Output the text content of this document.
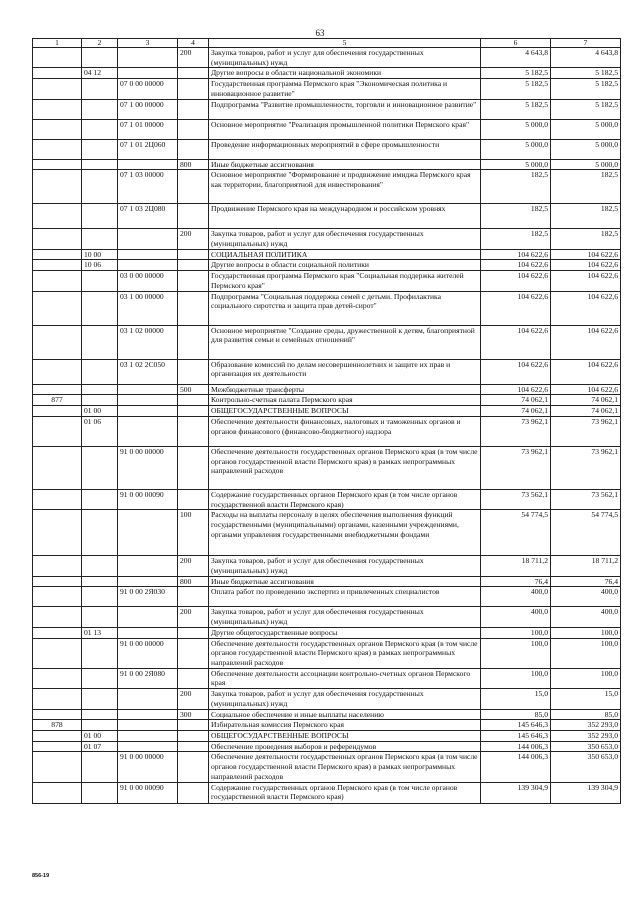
63
1	2	3	4	5	6	7
			200	Закупка товаров, работ и услуг для обеспечения государственных (муниципальных) нужд	4 643,8	4 643,8
	04 12			Другие вопросы в области национальной экономики	5 182,5	5 182,5
		07 0 00 00000		Государственная программа Пермского края "Экономическая политика и инновационное развитие"	5 182,5	5 182,5
		07 1 00 00000		Подпрограмма "Развитие промышленности, торговли и инновационное развитие"	5 182,5	5 182,5
		07 1 01 00000		Основное мероприятие "Реализация промышленной политики Пермского края"	5 000,0	5 000,0
		07 1 01 2Ц060		Проведение информационных мероприятий в сфере промышленности	5 000,0	5 000,0
			800	Иные бюджетные ассигнования	5 000,0	5 000,0
		07 1 03 00000		Основное мероприятие "Формирование и продвижение имиджа Пермского края как территории, благоприятной для инвестирования"	182,5	182,5
		07 1 03 2Ц080		Продвижение Пермского края на международном и российском уровнях	182,5	182,5
			200	Закупка товаров, работ и услуг для обеспечения государственных (муниципальных) нужд	182,5	182,5
	10 00			СОЦИАЛЬНАЯ ПОЛИТИКА	104 622,6	104 622,6
	10 06			Другие вопросы в области социальной политики	104 622,6	104 622,6
		03 0 00 00000		Государственная программа Пермского края "Социальная поддержка жителей Пермского края"	104 622,6	104 622,6
		03 1 00 00000		Подпрограмма "Социальная поддержка семей с детьми. Профилактика социального сиротства и защита прав детей-сирот"	104 622,6	104 622,6
		03 1 02 00000		Основное мероприятие "Создание среды, дружественной к детям, благоприятной для развития семьи и семейных отношений"	104 622,6	104 622,6
		03 1 02 2С050		Образование комиссий по делам несовершеннолетних и защите их прав и организация их деятельности	104 622,6	104 622,6
			500	Межбюджетные трансферты	104 622,6	104 622,6
877				Контрольно-счетная палата Пермского края	74 062,1	74 062,1
	01 00			ОБЩЕГОСУДАРСТВЕННЫЕ ВОПРОСЫ	74 062,1	74 062,1
	01 06			Обеспечение деятельности финансовых, налоговых и таможенных органов и органов финансового (финансово-бюджетного) надзора	73 962,1	73 962,1
		91 0 00 00000		Обеспечение деятельности государственных органов Пермского края (в том числе органов государственной власти Пермского края) в рамках непрограммных направлений расходов	73 962,1	73 962,1
		91 0 00 00090		Содержание государственных органов Пермского края (в том числе органов государственной власти Пермского края)	73 562,1	73 562,1
			100	Расходы на выплаты персоналу в целях обеспечения выполнения функций государственными (муниципальными) органами, казенными учреждениями, органами управления государственными внебюджетными фондами	54 774,5	54 774,5
			200	Закупка товаров, работ и услуг для обеспечения государственных (муниципальных) нужд	18 711,2	18 711,2
			800	Иные бюджетные ассигнования	76,4	76,4
		91 0 00 2Я030		Оплата работ по проведению экспертиз и привлеченных специалистов	400,0	400,0
			200	Закупка товаров, работ и услуг для обеспечения государственных (муниципальных) нужд	400,0	400,0
	01 13			Другие общегосударственные вопросы	100,0	100,0
		91 0 00 00000		Обеспечение деятельности государственных органов Пермского края (в том числе органов государственной власти Пермского края) в рамках непрограммных направлений расходов	100,0	100,0
		91 0 00 2Я080		Обеспечение деятельности ассоциации контрольно-счетных органов Пермского края	100,0	100,0
			200	Закупка товаров, работ и услуг для обеспечения государственных (муниципальных) нужд	15,0	15,0
			300	Социальное обеспечение и иные выплаты населению	85,0	85,0
878				Избирательная комиссия Пермского края	145 646,3	352 293,0
	01 00			ОБЩЕГОСУДАРСТВЕННЫЕ ВОПРОСЫ	145 646,3	352 293,0
	01 07			Обеспечение проведения выборов и референдумов	144 006,3	350 653,0
		91 0 00 00000		Обеспечение деятельности государственных органов Пермского края (в том числе органов государственной власти Пермского края) в рамках непрограммных направлений расходов	144 006,3	350 653,0
		91 0 00 00090		Содержание государственных органов Пермского края (в том числе органов государственной власти Пермского края)	139 304,9	139 304,9
856-19
